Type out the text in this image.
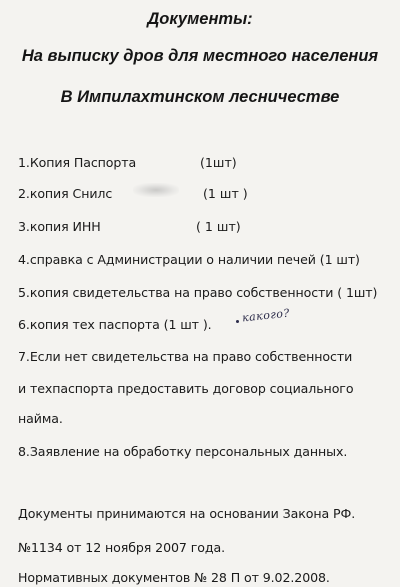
Документы:
На выписку дров для местного населения
В Импилахтинском лесничестве
1.Копия Паспорта	(1шт)
2.копия Снилс	(1 шт )
3.копия ИНН	( 1 шт)
4.справка с Администрации о наличии печей (1 шт)
5.копия свидетельства на право собственности ( 1шт)
6.копия тех паспорта (1 шт ).
какого?
7.Если нет свидетельства на право собственности
и техпаспорта предоставить договор социального
найма.
8.Заявление на обработку персональных данных.
Документы принимаются на основании Закона РФ.
№1134 от 12 ноября 2007 года.
Нормативных документов № 28 П от 9.02.2008.
